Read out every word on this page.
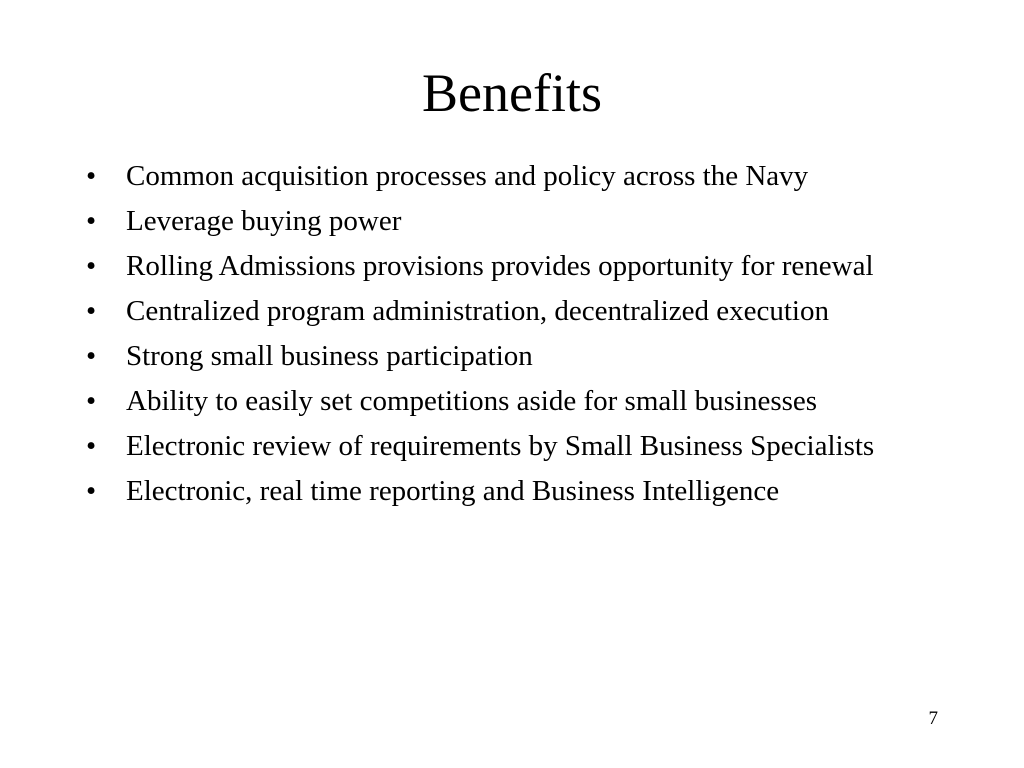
Benefits
•	Common acquisition processes and policy across the Navy
•	Leverage buying power
•	Rolling Admissions provisions provides opportunity for renewal
•	Centralized program administration, decentralized execution
•	Strong small business participation
•	Ability to easily set competitions aside for small businesses
•	Electronic review of requirements by Small Business Specialists
•	Electronic, real time reporting and Business Intelligence
7
